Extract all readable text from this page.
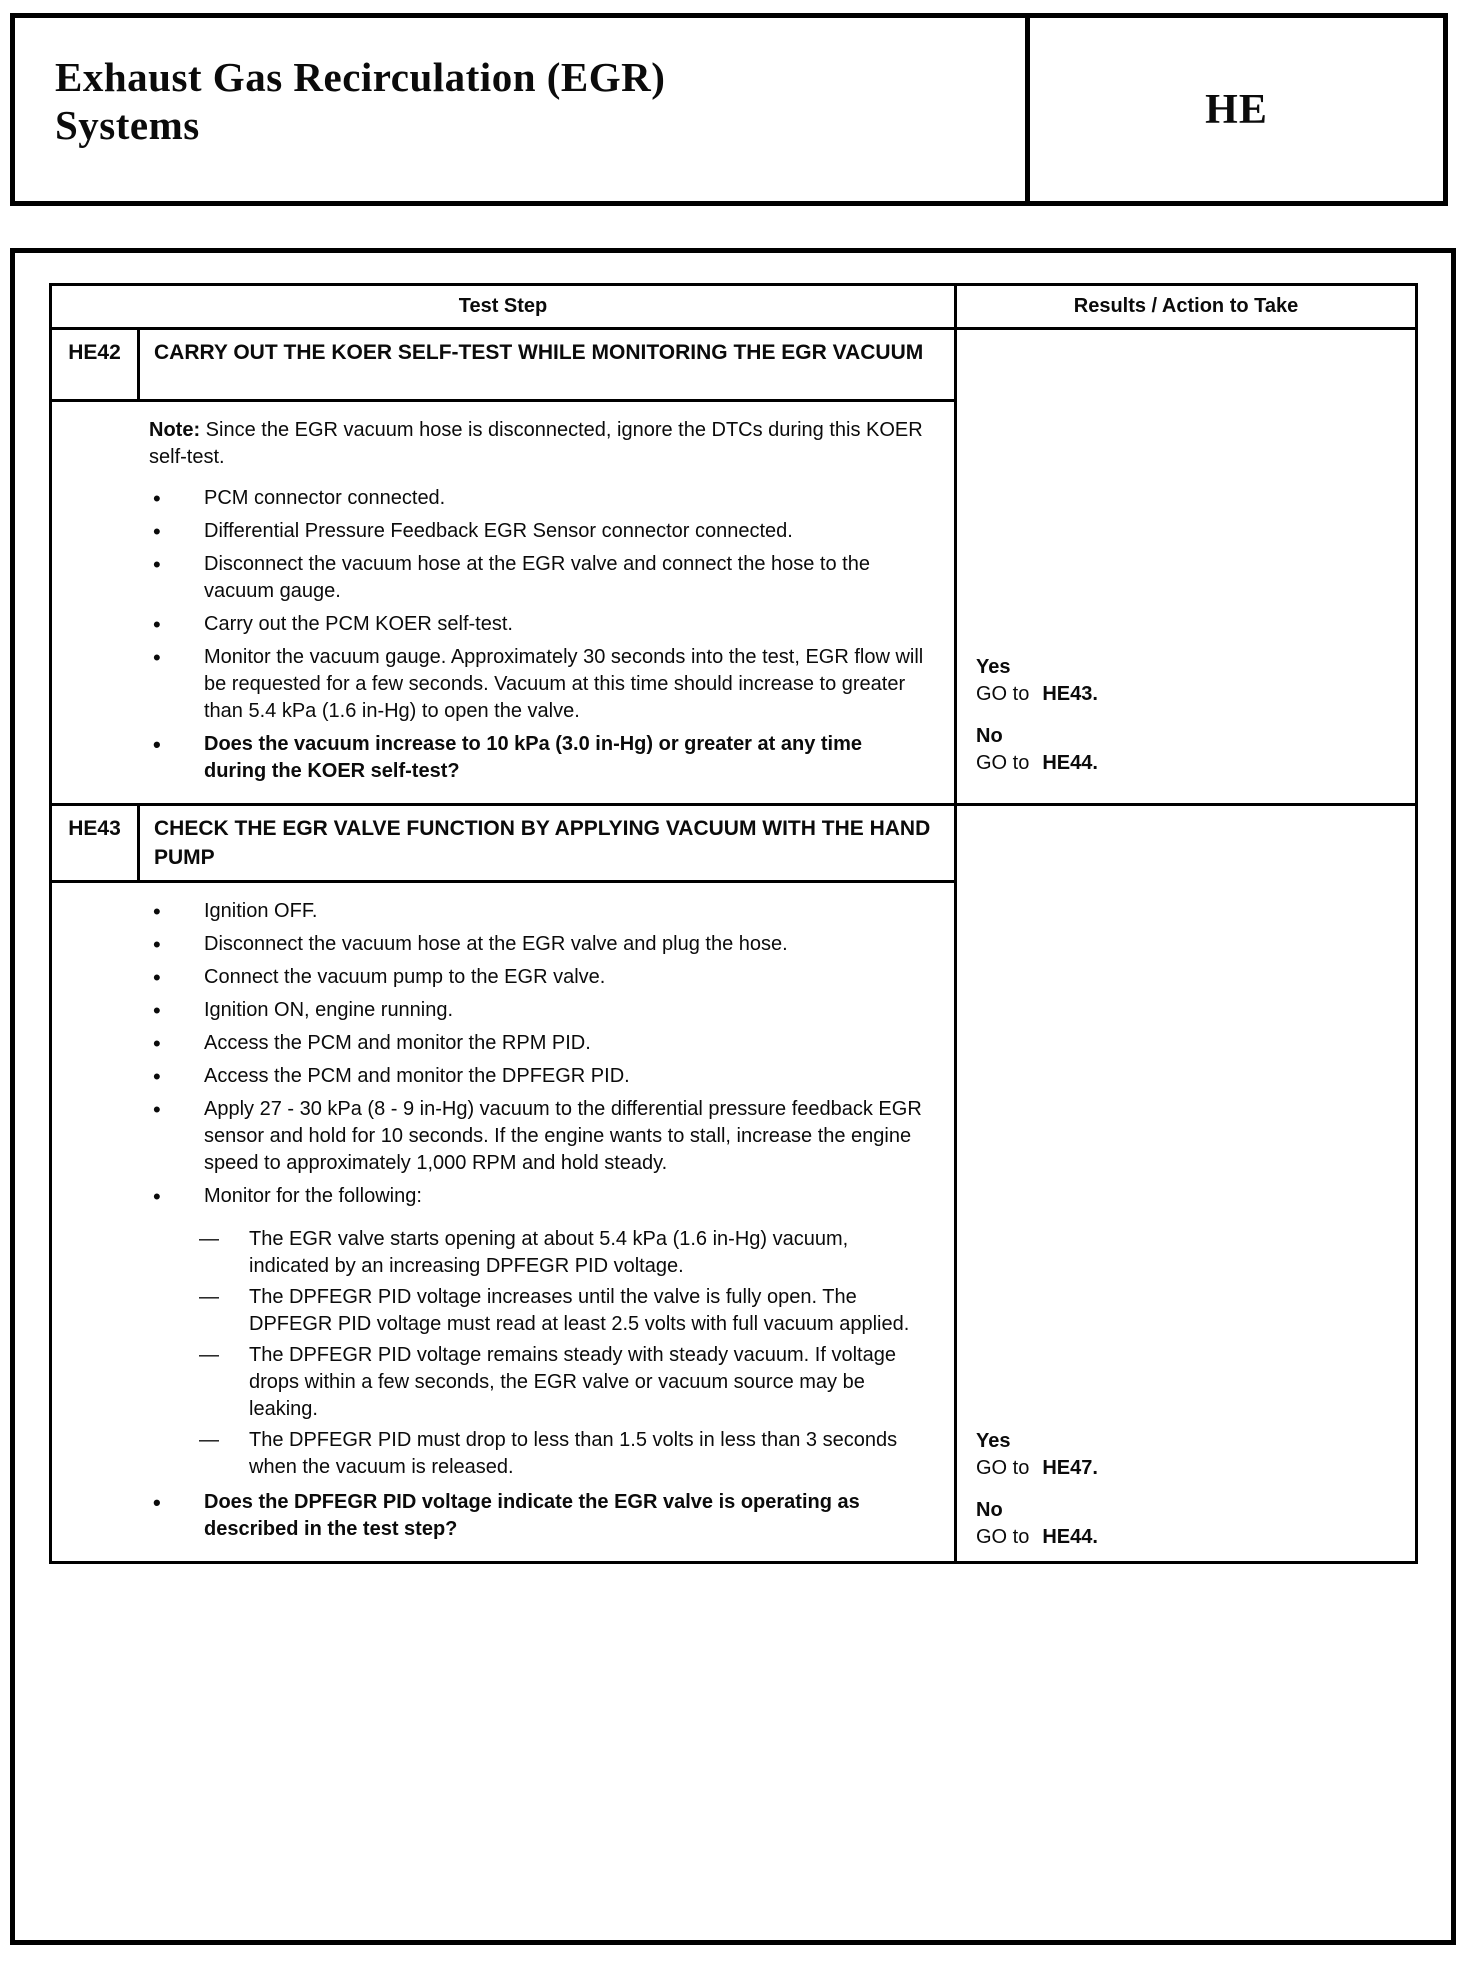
Exhaust Gas Recirculation (EGR) Systems	HE
Test Step	Results / Action to Take
HE42	CARRY OUT THE KOER SELF-TEST WHILE MONITORING THE EGR VACUUM
Note: Since the EGR vacuum hose is disconnected, ignore the DTCs during this KOER self-test.
• PCM connector connected.
• Differential Pressure Feedback EGR Sensor connector connected.
• Disconnect the vacuum hose at the EGR valve and connect the hose to the vacuum gauge.
• Carry out the PCM KOER self-test.
• Monitor the vacuum gauge. Approximately 30 seconds into the test, EGR flow will be requested for a few seconds. Vacuum at this time should increase to greater than 5.4 kPa (1.6 in-Hg) to open the valve.
• Does the vacuum increase to 10 kPa (3.0 in-Hg) or greater at any time during the KOER self-test?
Yes
GO to HE43.
No
GO to HE44.
HE43	CHECK THE EGR VALVE FUNCTION BY APPLYING VACUUM WITH THE HAND PUMP
• Ignition OFF.
• Disconnect the vacuum hose at the EGR valve and plug the hose.
• Connect the vacuum pump to the EGR valve.
• Ignition ON, engine running.
• Access the PCM and monitor the RPM PID.
• Access the PCM and monitor the DPFEGR PID.
• Apply 27 - 30 kPa (8 - 9 in-Hg) vacuum to the differential pressure feedback EGR sensor and hold for 10 seconds. If the engine wants to stall, increase the engine speed to approximately 1,000 RPM and hold steady.
• Monitor for the following:
— The EGR valve starts opening at about 5.4 kPa (1.6 in-Hg) vacuum, indicated by an increasing DPFEGR PID voltage.
— The DPFEGR PID voltage increases until the valve is fully open. The DPFEGR PID voltage must read at least 2.5 volts with full vacuum applied.
— The DPFEGR PID voltage remains steady with steady vacuum. If voltage drops within a few seconds, the EGR valve or vacuum source may be leaking.
— The DPFEGR PID must drop to less than 1.5 volts in less than 3 seconds when the vacuum is released.
• Does the DPFEGR PID voltage indicate the EGR valve is operating as described in the test step?
Yes
GO to HE47.
No
GO to HE44.
